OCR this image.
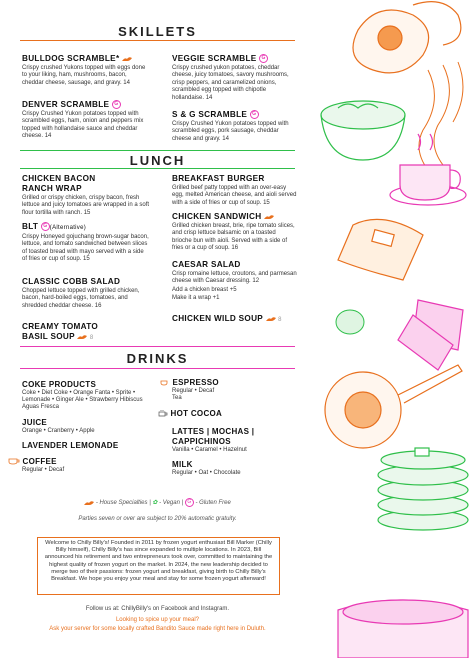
SKILLETS
BULLDOG SCRAMBLE*
Crispy crushed Yukons topped with eggs done to your liking, ham, mushrooms, bacon, cheddar cheese, sausage, and gravy. 14
VEGGIE SCRAMBLE G
Crispy crushed yukon potatoes, cheddar cheese, juicy tomatoes, savory mushrooms, crisp peppers, and caramelized onions, scrambled egg topped with chipotle hollandaise. 14
DENVER SCRAMBLE G
Crispy Crushed Yukon potatoes topped with scrambled eggs, ham, onion and peppers mix topped with hollandaise sauce and cheddar cheese. 14
S & G SCRAMBLE G
Crispy Crushed Yukon potatoes topped with scrambled eggs, pork sausage, cheddar cheese and gravy. 14
LUNCH
CHICKEN BACON
RANCH WRAP
Grilled or crispy chicken, crispy bacon, fresh lettuce and juicy tomatoes are wrapped in a soft flour tortilla with ranch. 15
BREAKFAST BURGER
Grilled beef patty topped with an over-easy egg, melted American cheese, and aioli served with a side of fries or cup of soup. 15
BLT G (Alternative)
Crispy Honeyed gojuchang brown-sugar bacon, lettuce, and tomato sandwiched between slices of toasted bread with mayo served with a side of fries or cup of soup. 15
CHICKEN SANDWICH
Grilled chicken breast, brie, ripe tomato slices, and crisp lettuce balsamic on a toasted brioche bun with aioli. Served with a side of fries or a cup of soup. 16
CLASSIC COBB SALAD
Chopped lettuce topped with grilled chicken, bacon, hard-boiled eggs, tomatoes, and shredded cheddar cheese. 16
CAESAR SALAD
Crisp romaine lettuce, croutons, and parmesan cheese with Caesar dressing. 12
Add a chicken breast +5
Make it a wrap +1
CREAMY TOMATO
BASIL SOUP	8
CHICKEN WILD SOUP	8
DRINKS
COKE PRODUCTS
Coke • Diet Coke • Orange Fanta • Sprite • Lemonade • Ginger Ale • Strawberry Hibiscus Aguas Fresca
JUICE
Orange • Cranberry • Apple
LAVENDER LEMONADE
COFFEE
Regular • Decaf
ESPRESSO
Regular • Decaf
Tea
HOT COCOA
LATTES | MOCHAS |
CAPPICHINOS
Vanilla • Caramel • Hazelnut
MILK
Regular • Oat • Chocolate
- House Specialties | ✿ - Vegan | G - Gluten Free
Parties seven or over are subject to 20% automatic gratuity.
Welcome to Chilly Billy's! Founded in 2011 by frozen yogurt enthusiast Bill Marker (Chilly Billy himself), Chilly Billy's has since expanded to multiple locations. In 2023, Bill announced his retirement and two entrepreneurs took over, committed to maintaining the highest quality of frozen yogurt on the market. In 2024, the new leadership decided to merge two of their passions: frozen yogurt and breakfast, giving birth to Chilly Billy's Breakfast. We hope you enjoy your meal and stay for some frozen yogurt afterward!
Follow us at: ChillyBilly's on Facebook and Instagram.
Looking to spice up your meal?
Ask your server for some locally crafted Bandito Sauce made right here in Duluth.
